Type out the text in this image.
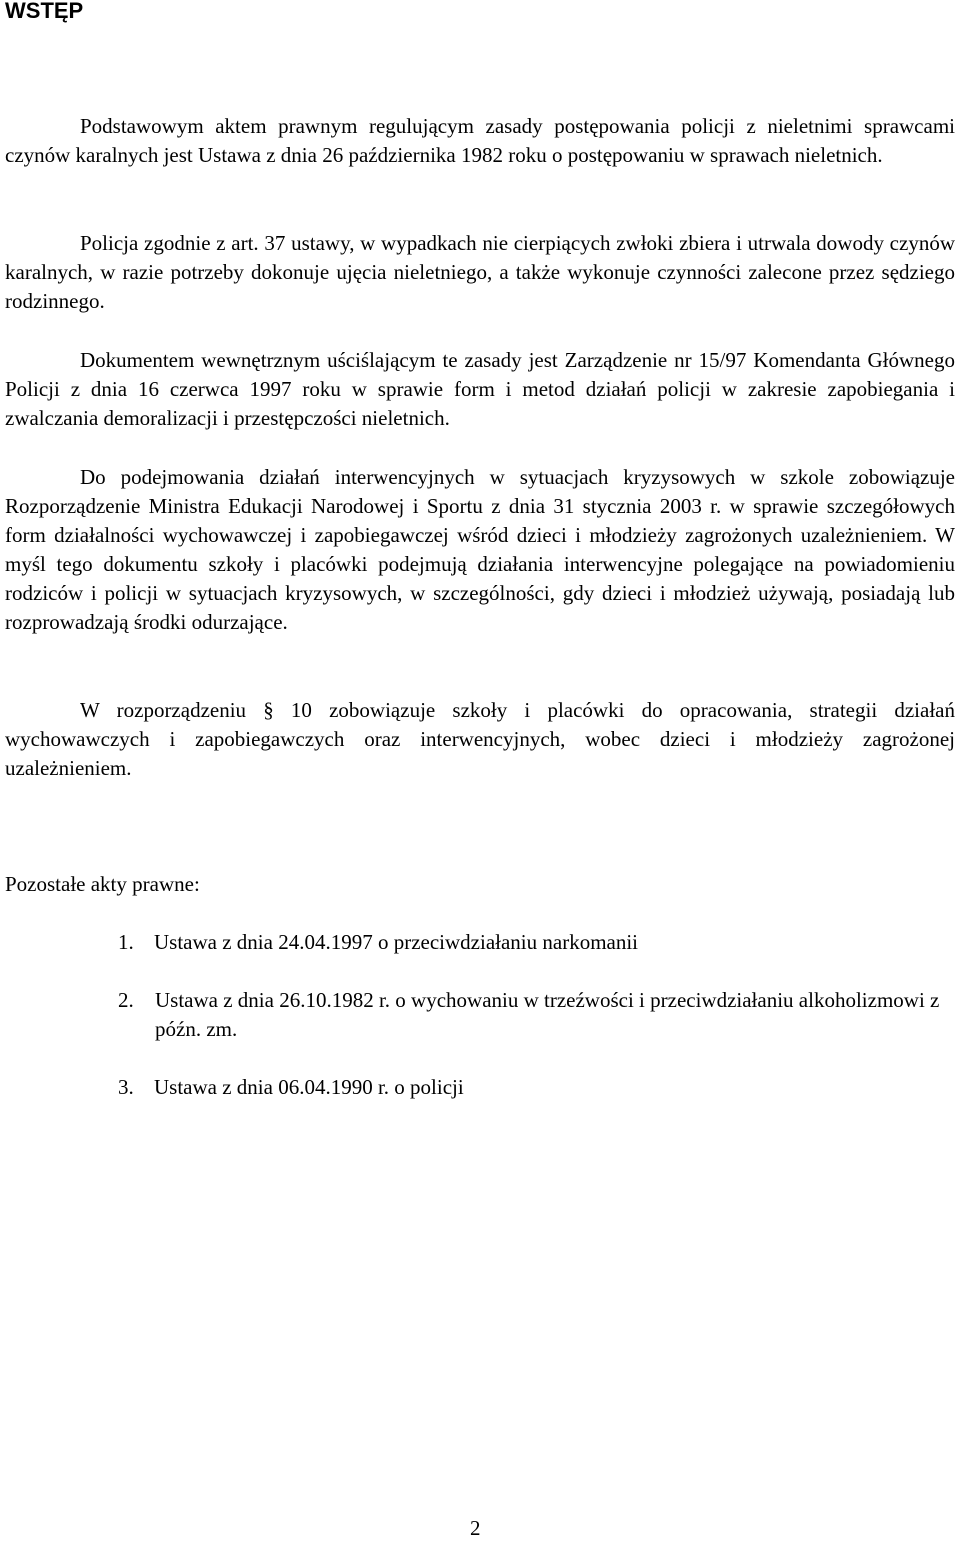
WSTĘP

Podstawowym aktem prawnym regulującym zasady postępowania policji z nieletnimi sprawcami czynów karalnych jest Ustawa z dnia 26 października 1982 roku o postępowaniu w sprawach nieletnich.

Policja zgodnie z art. 37 ustawy, w wypadkach nie cierpiących zwłoki zbiera i utrwala dowody czynów karalnych, w razie potrzeby dokonuje ujęcia nieletniego, a także wykonuje czynności zalecone przez sędziego rodzinnego.

Dokumentem wewnętrznym uściślającym te zasady jest Zarządzenie nr 15/97 Komendanta Głównego Policji z dnia 16 czerwca 1997 roku w sprawie form i metod działań policji w zakresie zapobiegania i zwalczania demoralizacji i przestępczości nieletnich.

Do podejmowania działań interwencyjnych w sytuacjach kryzysowych w szkole zobowiązuje Rozporządzenie Ministra Edukacji Narodowej i Sportu z dnia 31 stycznia 2003 r. w sprawie szczegółowych form działalności wychowawczej i zapobiegawczej wśród dzieci i młodzieży zagrożonych uzależnieniem. W myśl tego dokumentu szkoły i placówki podejmują działania interwencyjne polegające na powiadomieniu rodziców i policji w sytuacjach kryzysowych, w szczególności, gdy dzieci i młodzież używają, posiadają lub rozprowadzają środki odurzające.

W rozporządzeniu § 10 zobowiązuje szkoły i placówki do opracowania, strategii działań wychowawczych i zapobiegawczych oraz interwencyjnych, wobec dzieci i młodzieży zagrożonej uzależnieniem.

Pozostałe akty prawne:
1. Ustawa z dnia 24.04.1997 o przeciwdziałaniu narkomanii
2. Ustawa z dnia 26.10.1982 r. o wychowaniu w trzeźwości i przeciwdziałaniu alkoholizmowi z późn. zm.
3. Ustawa z dnia 06.04.1990 r. o policji
2
